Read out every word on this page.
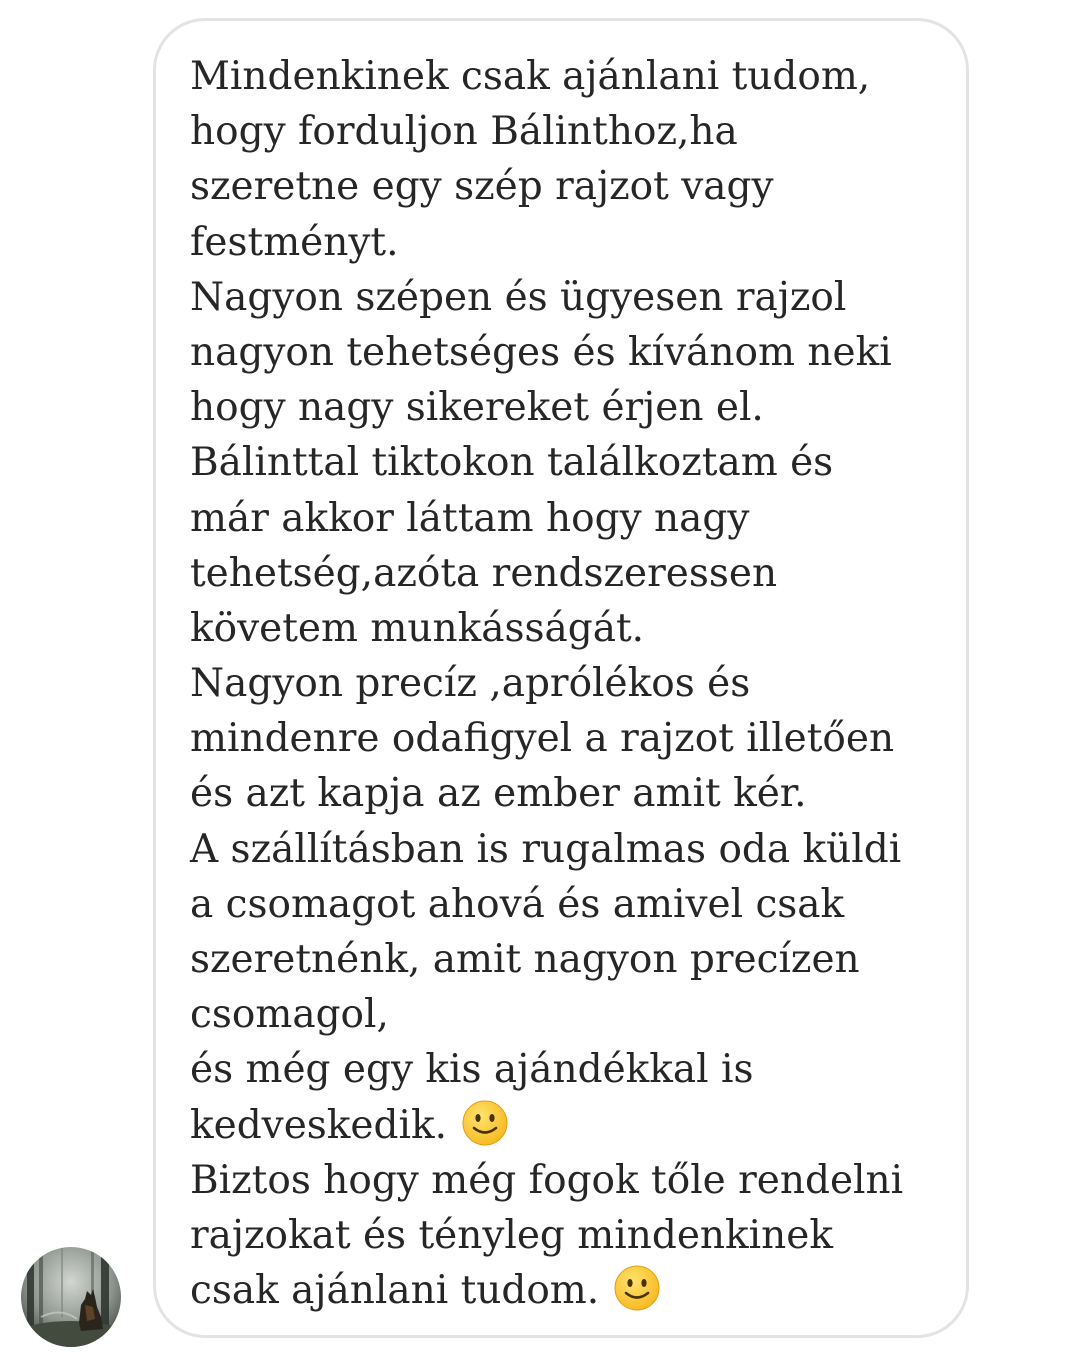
Mindenkinek csak ajánlani tudom,
hogy forduljon Bálinthoz,ha
szeretne egy szép rajzot vagy
festményt.
Nagyon szépen és ügyesen rajzol
nagyon tehetséges és kívánom neki
hogy nagy sikereket érjen el.
Bálinttal tiktokon találkoztam és
már akkor láttam hogy nagy
tehetség,azóta rendszeressen
követem munkásságát.
Nagyon precíz ,aprólékos és
mindenre odafigyel a rajzot illetően
és azt kapja az ember amit kér.
A szállításban is rugalmas oda küldi
a csomagot ahová és amivel csak
szeretnénk, amit nagyon precízen
csomagol,
és még egy kis ajándékkal is
kedveskedik.
Biztos hogy még fogok tőle rendelni
rajzokat és tényleg mindenkinek
csak ajánlani tudom.
